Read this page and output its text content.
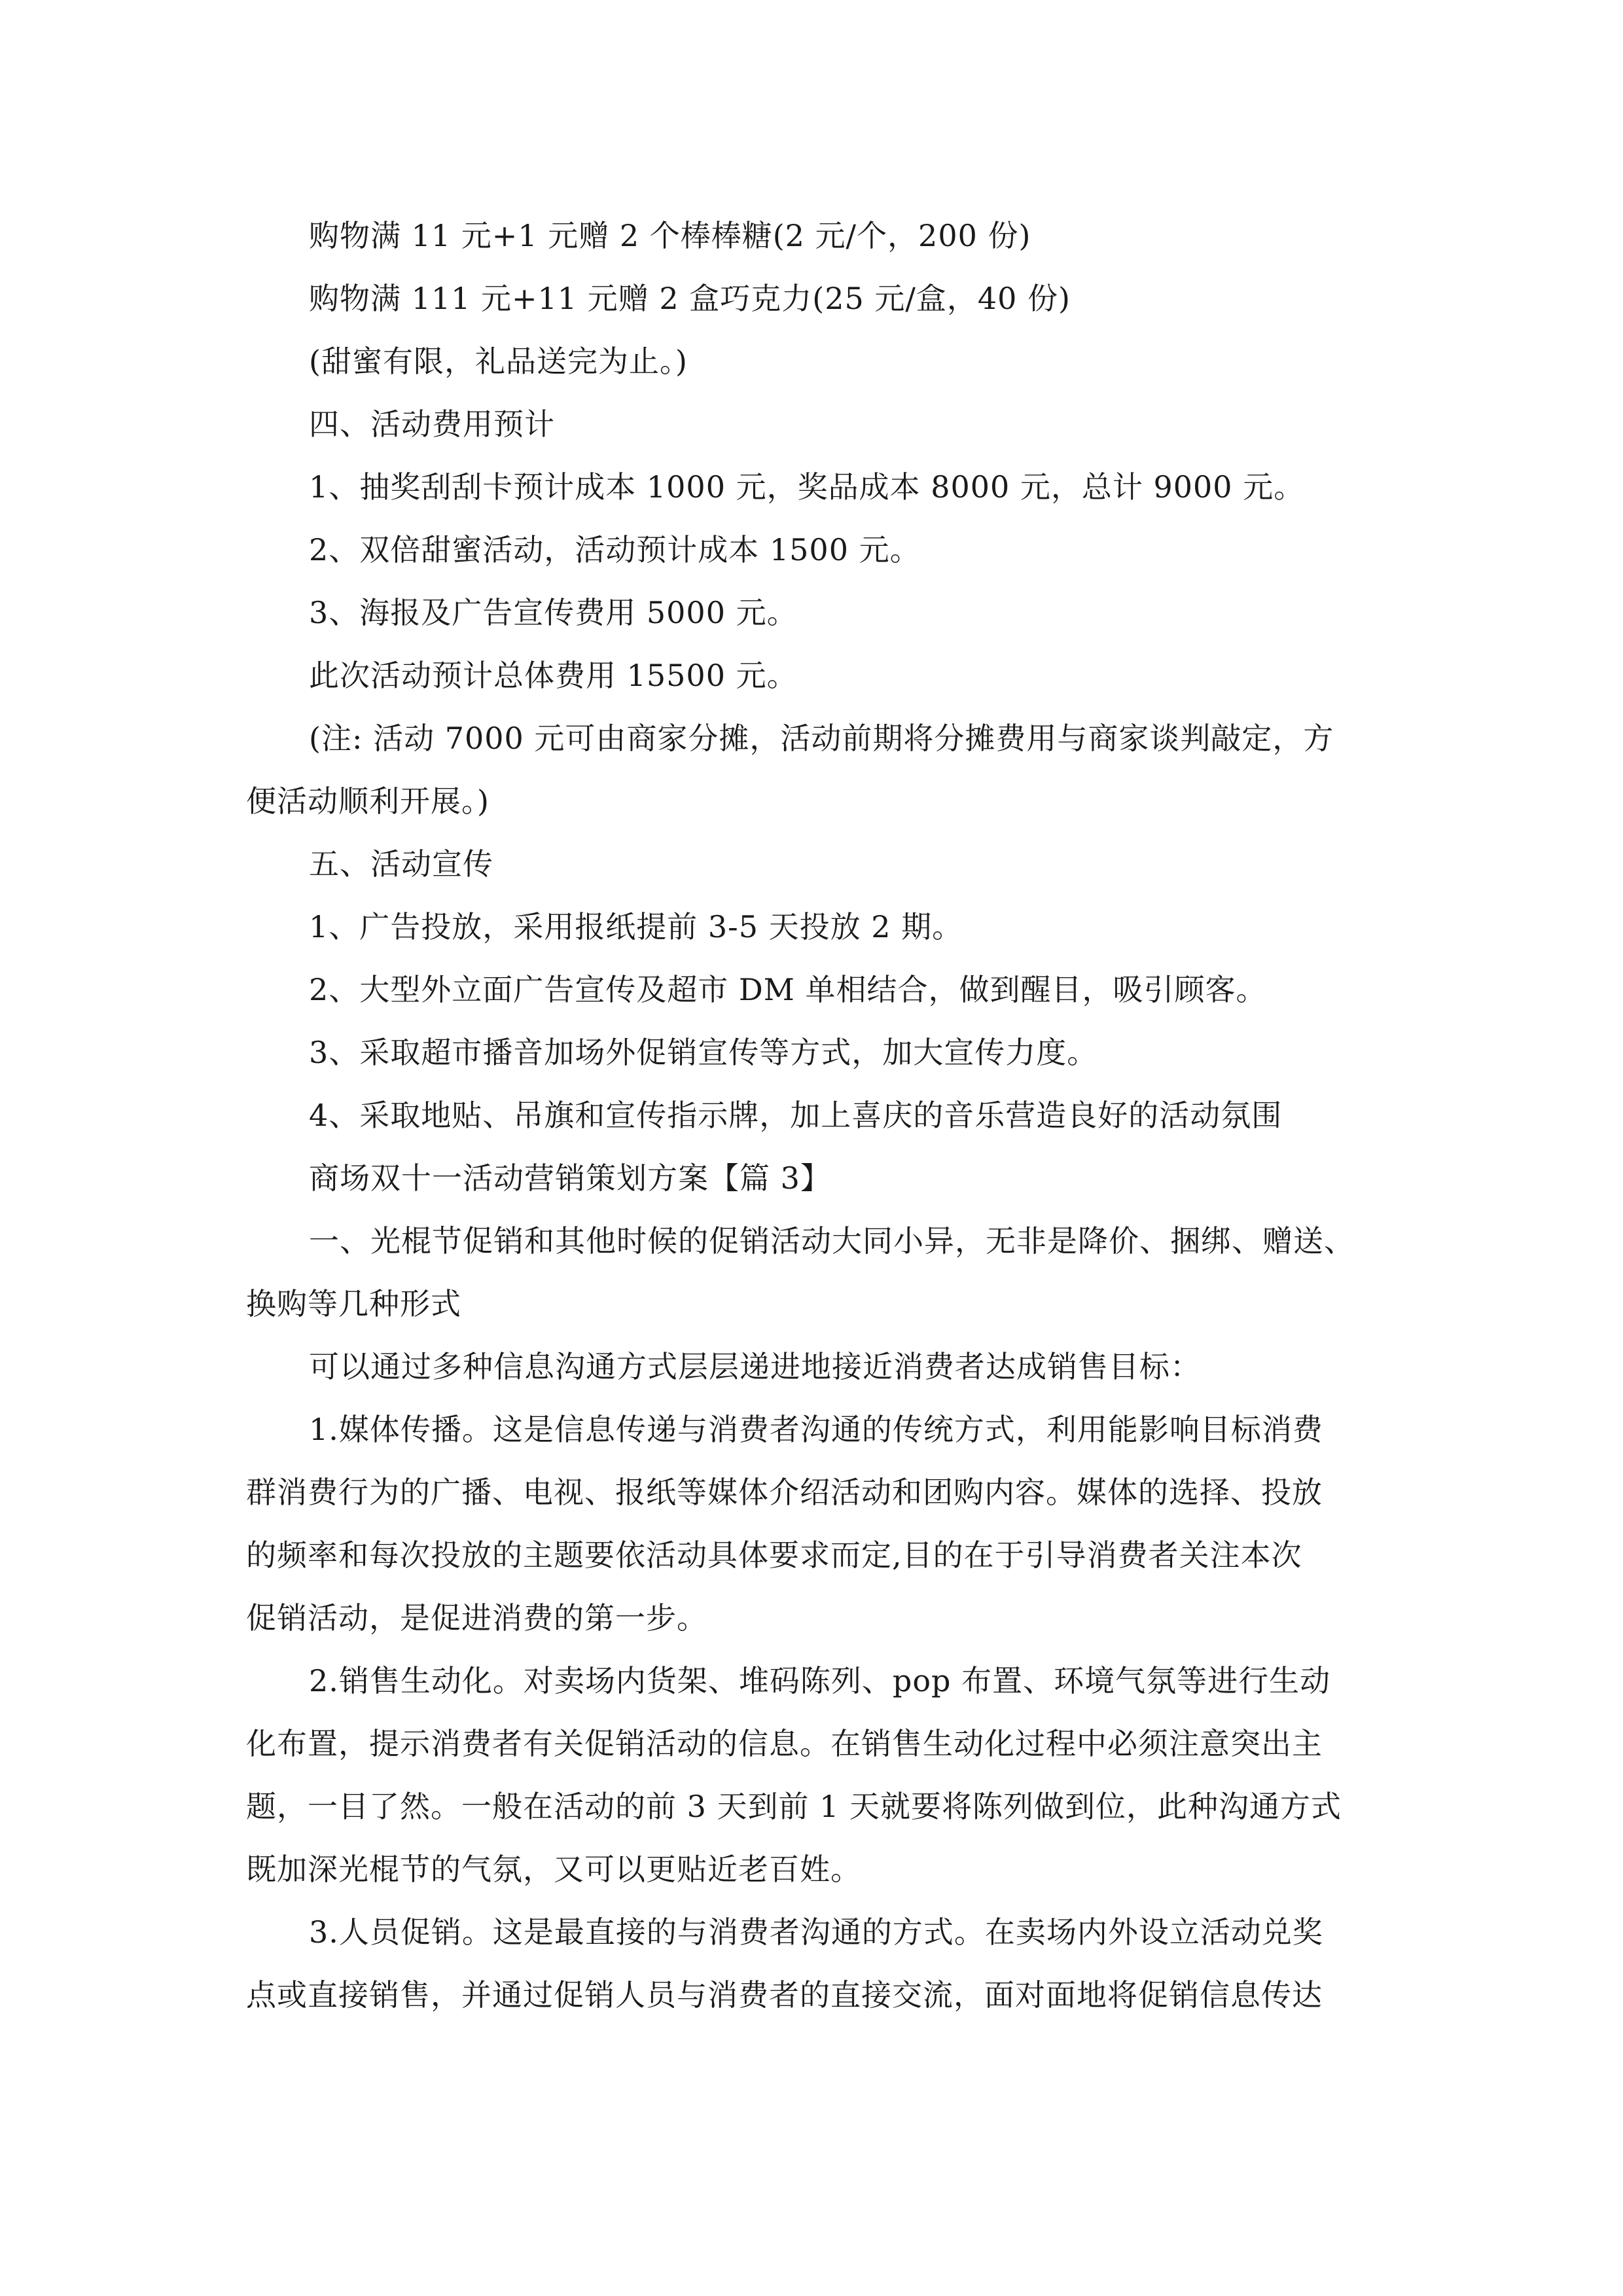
购物满 11 元+1 元赠 2 个棒棒糖(2 元/个，200 份)
购物满 111 元+11 元赠 2 盒巧克力(25 元/盒，40 份)
(甜蜜有限，礼品送完为止。)
四、活动费用预计
1、抽奖刮刮卡预计成本 1000 元，奖品成本 8000 元，总计 9000 元。
2、双倍甜蜜活动，活动预计成本 1500 元。
3、海报及广告宣传费用 5000 元。
此次活动预计总体费用 15500 元。
(注: 活动 7000 元可由商家分摊，活动前期将分摊费用与商家谈判敲定，方
便活动顺利开展。)
五、活动宣传
1、广告投放，采用报纸提前 3-5 天投放 2 期。
2、大型外立面广告宣传及超市 DM 单相结合，做到醒目，吸引顾客。
3、采取超市播音加场外促销宣传等方式，加大宣传力度。
4、采取地贴、吊旗和宣传指示牌，加上喜庆的音乐营造良好的活动氛围
商场双十一活动营销策划方案【篇 3】
一、光棍节促销和其他时候的促销活动大同小异，无非是降价、捆绑、赠送、
换购等几种形式
可以通过多种信息沟通方式层层递进地接近消费者达成销售目标：
1.媒体传播。这是信息传递与消费者沟通的传统方式，利用能影响目标消费
群消费行为的广播、电视、报纸等媒体介绍活动和团购内容。媒体的选择、投放
的频率和每次投放的主题要依活动具体要求而定,目的在于引导消费者关注本次
促销活动，是促进消费的第一步。
2.销售生动化。对卖场内货架、堆码陈列、pop 布置、环境气氛等进行生动
化布置，提示消费者有关促销活动的信息。在销售生动化过程中必须注意突出主
题，一目了然。一般在活动的前 3 天到前 1 天就要将陈列做到位，此种沟通方式
既加深光棍节的气氛，又可以更贴近老百姓。
3.人员促销。这是最直接的与消费者沟通的方式。在卖场内外设立活动兑奖
点或直接销售，并通过促销人员与消费者的直接交流，面对面地将促销信息传达
